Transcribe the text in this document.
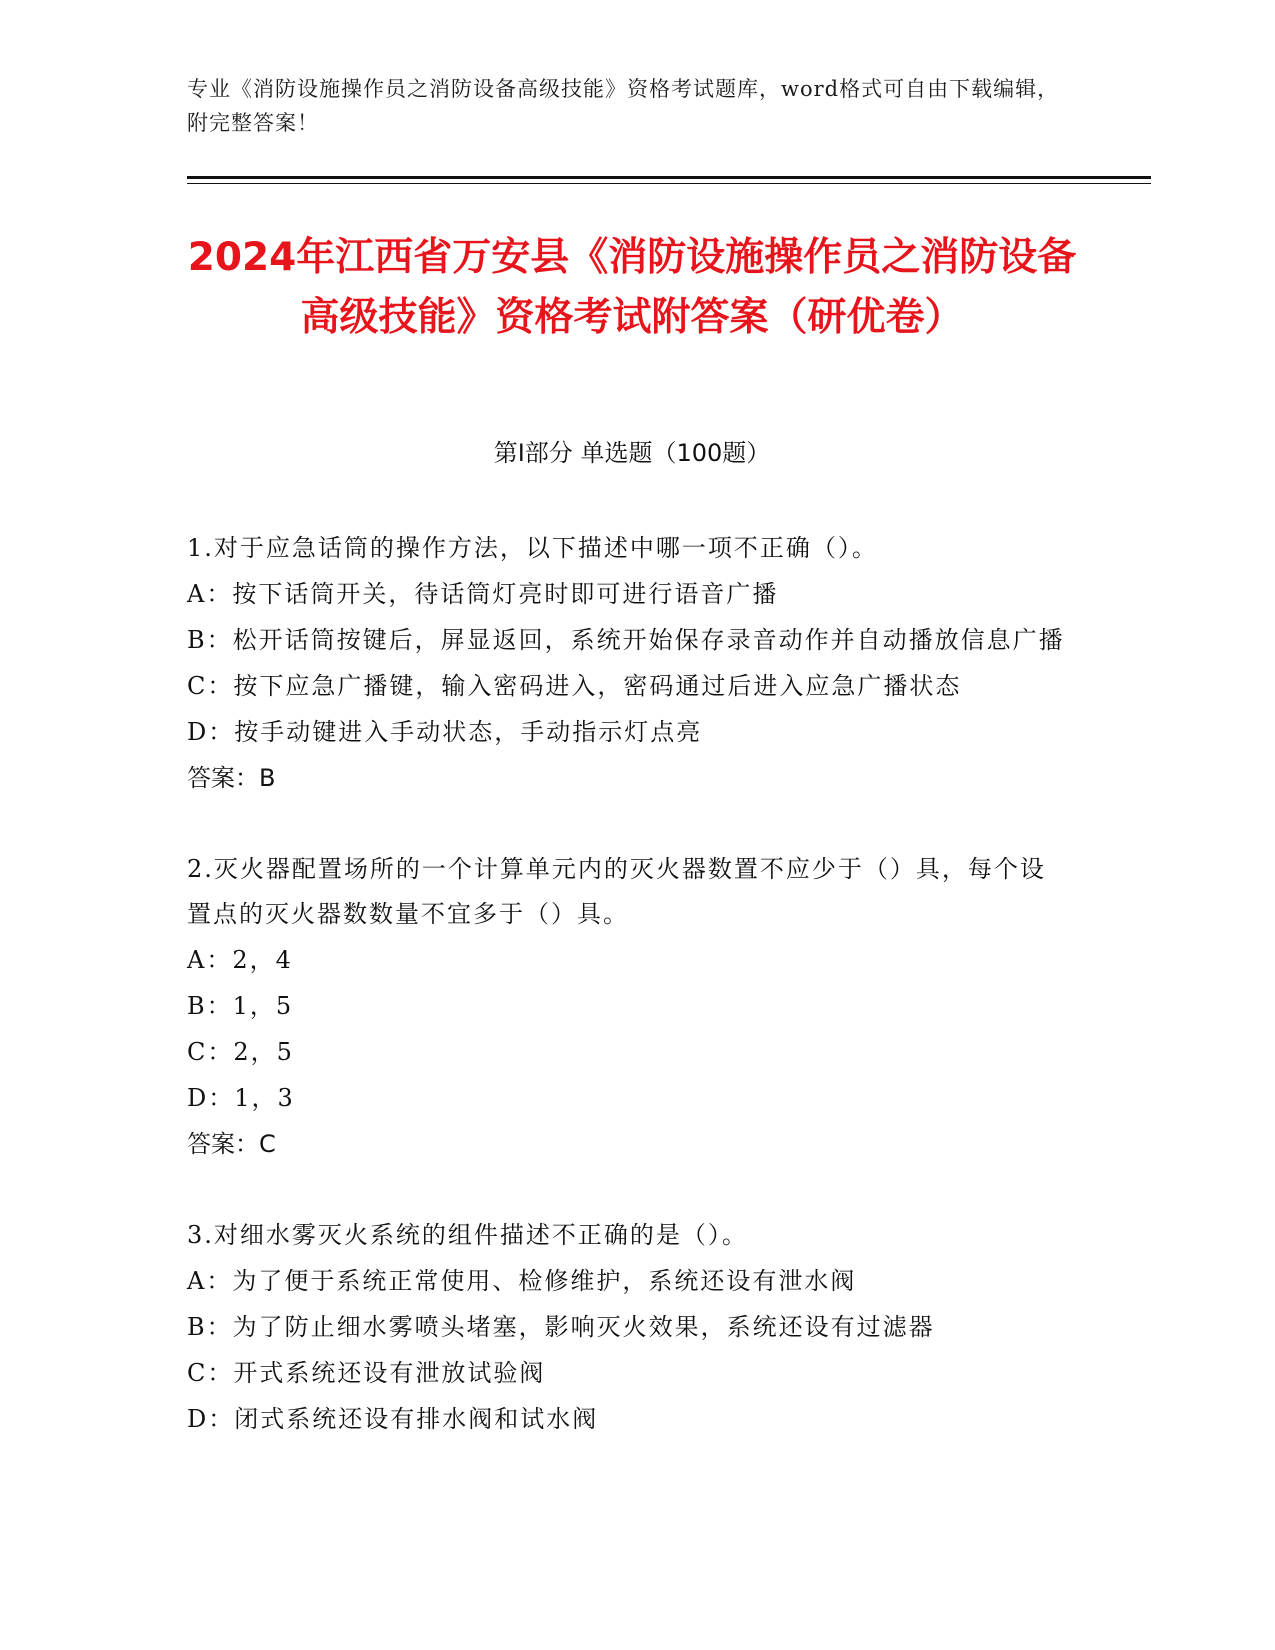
专业《消防设施操作员之消防设备高级技能》资格考试题库，word格式可自由下载编辑，附完整答案！
2024年江西省万安县《消防设施操作员之消防设备高级技能》资格考试附答案（研优卷）
第I部分 单选题（100题）
1.对于应急话筒的操作方法，以下描述中哪一项不正确（）。
A：按下话筒开关，待话筒灯亮时即可进行语音广播
B：松开话筒按键后，屏显返回，系统开始保存录音动作并自动播放信息广播
C：按下应急广播键，输入密码进入，密码通过后进入应急广播状态
D：按手动键进入手动状态，手动指示灯点亮
答案：B
2.灭火器配置场所的一个计算单元内的灭火器数置不应少于（）具，每个设置点的灭火器数数量不宜多于（）具。
A：2，4
B：1，5
C：2，5
D：1，3
答案：C
3.对细水雾灭火系统的组件描述不正确的是（）。
A：为了便于系统正常使用、检修维护，系统还设有泄水阀
B：为了防止细水雾喷头堵塞，影响灭火效果，系统还设有过滤器
C：开式系统还设有泄放试验阀
D：闭式系统还设有排水阀和试水阀
